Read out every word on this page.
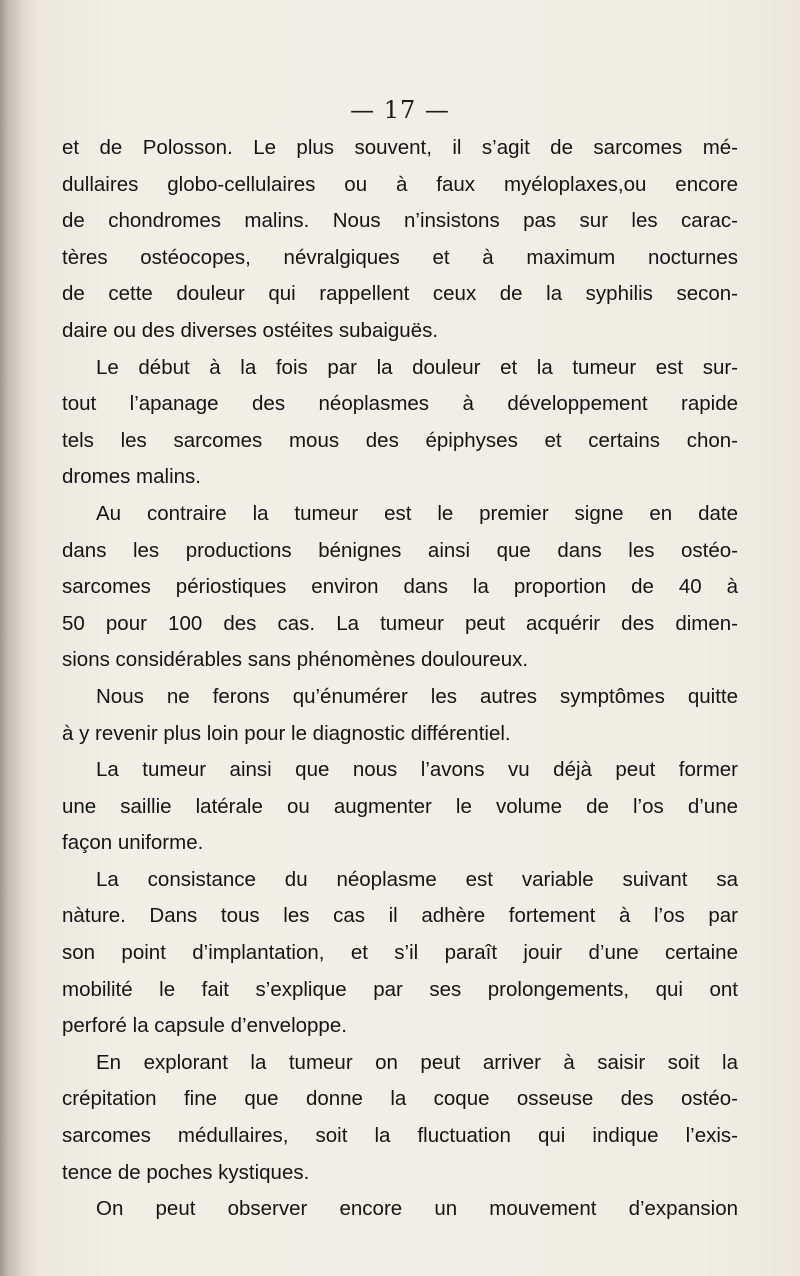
— 17 —
et de Polosson. Le plus souvent, il s’agit de sarcomes mé-
dullaires globo-cellulaires ou à faux myéloplaxes,ou encore
de chondromes malins. Nous n’insistons pas sur les carac-
tères ostéocopes, névralgiques et à maximum nocturnes
de cette douleur qui rappellent ceux de la syphilis secon-
daire ou des diverses ostéites subaiguës.
Le début à la fois par la douleur et la tumeur est sur-
tout l’apanage des néoplasmes à développement rapide
tels les sarcomes mous des épiphyses et certains chon-
dromes malins.
Au contraire la tumeur est le premier signe en date
dans les productions bénignes ainsi que dans les ostéo-
sarcomes périostiques environ dans la proportion de 40 à
50 pour 100 des cas. La tumeur peut acquérir des dimen-
sions considérables sans phénomènes douloureux.
Nous ne ferons qu’énumérer les autres symptômes quitte
à y revenir plus loin pour le diagnostic différentiel.
La tumeur ainsi que nous l’avons vu déjà peut former
une saillie latérale ou augmenter le volume de l’os d’une
façon uniforme.
La consistance du néoplasme est variable suivant sa
nàture. Dans tous les cas il adhère fortement à l’os par
son point d’implantation, et s’il paraît jouir d’une certaine
mobilité le fait s’explique par ses prolongements, qui ont
perforé la capsule d’enveloppe.
En explorant la tumeur on peut arriver à saisir soit la
crépitation fine que donne la coque osseuse des ostéo-
sarcomes médullaires, soit la fluctuation qui indique l’exis-
tence de poches kystiques.
On peut observer encore un mouvement d’expansion
